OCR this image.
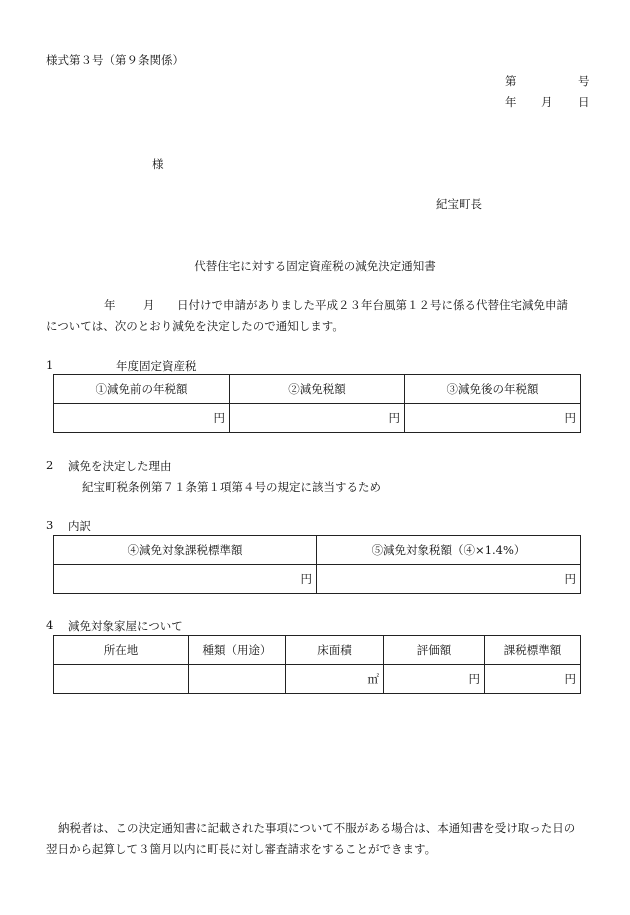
様式第３号（第９条関係）
第	号
年 月 日
様
紀宝町長
代替住宅に対する固定資産税の減免決定通知書
年 月 日付けで申請がありました平成２３年台風第１２号に係る代替住宅減免申請
については、次のとおり減免を決定したので通知します。
1	年度固定資産税
①減免前の年税額	②減免税額	③減免後の年税額
円	円	円
2 減免を決定した理由
紀宝町税条例第７１条第１項第４号の規定に該当するため
3 内訳
④減免対象課税標準額	⑤減免対象税額（④×1.4%）
円	円
4 減免対象家屋について
所在地	種類（用途）	床面積	評価額	課税標準額
		㎡	円	円
納税者は、この決定通知書に記載された事項について不服がある場合は、本通知書を受け取った日の
翌日から起算して３箇月以内に町長に対し審査請求をすることができます。
